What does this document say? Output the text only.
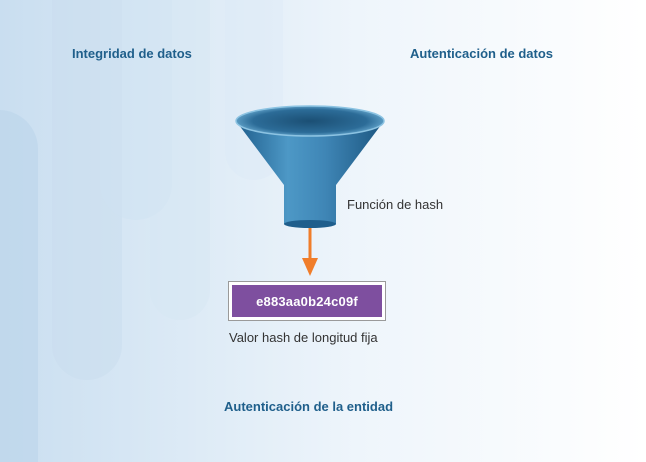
Integridad de datos	Autenticación de datos
Función de hash
e883aa0b24c09f
Valor hash de longitud fija
Autenticación de la entidad
